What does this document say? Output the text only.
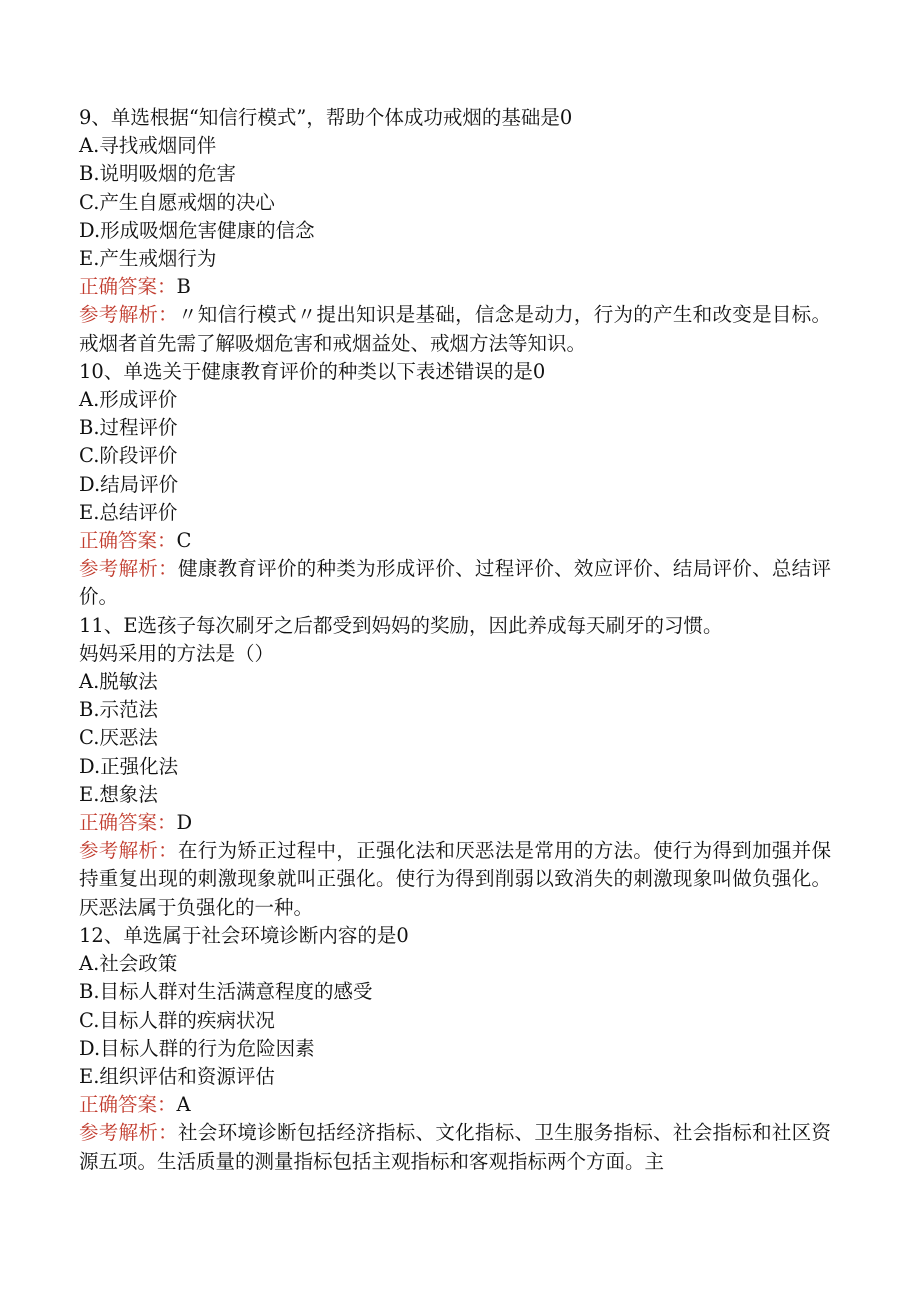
9、单选根据“知信行模式”，帮助个体成功戒烟的基础是0
A.寻找戒烟同伴
B.说明吸烟的危害
C.产生自愿戒烟的决心
D.形成吸烟危害健康的信念
E.产生戒烟行为
正确答案：B
参考解析：〃知信行模式〃提出知识是基础，信念是动力，行为的产生和改变是目标。戒烟者首先需了解吸烟危害和戒烟益处、戒烟方法等知识。
10、单选关于健康教育评价的种类以下表述错误的是0
A.形成评价
B.过程评价
C.阶段评价
D.结局评价
E.总结评价
正确答案：C
参考解析：健康教育评价的种类为形成评价、过程评价、效应评价、结局评价、总结评价。
11、E选孩子每次刷牙之后都受到妈妈的奖励，因此养成每天刷牙的习惯。
妈妈采用的方法是（）
A.脱敏法
B.示范法
C.厌恶法
D.正强化法
E.想象法
正确答案：D
参考解析：在行为矫正过程中，正强化法和厌恶法是常用的方法。使行为得到加强并保持重复出现的刺激现象就叫正强化。使行为得到削弱以致消失的刺激现象叫做负强化。厌恶法属于负强化的一种。
12、单选属于社会环境诊断内容的是0
A.社会政策
B.目标人群对生活满意程度的感受
C.目标人群的疾病状况
D.目标人群的行为危险因素
E.组织评估和资源评估
正确答案：A
参考解析：社会环境诊断包括经济指标、文化指标、卫生服务指标、社会指标和社区资源五项。生活质量的测量指标包括主观指标和客观指标两个方面。主
